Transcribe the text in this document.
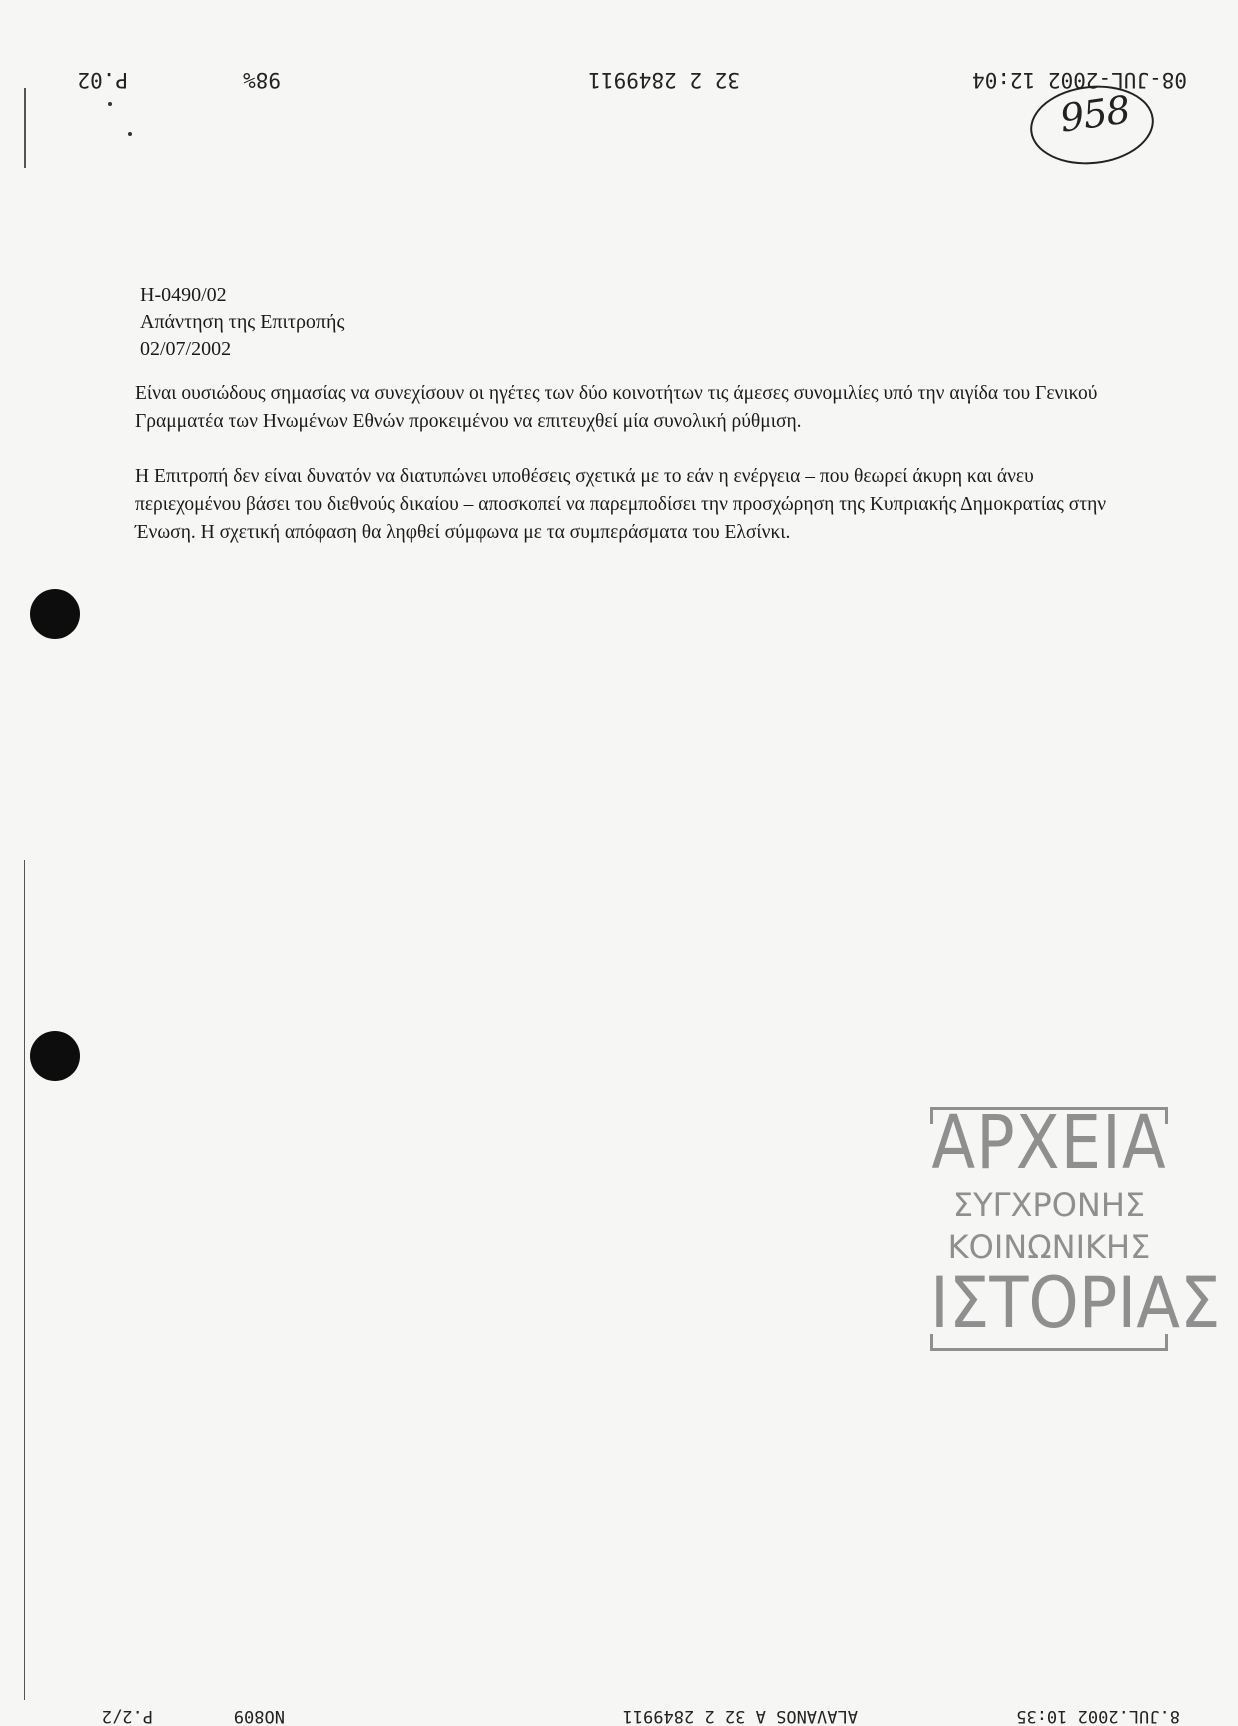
08-JUL-2002 12:04
32 2 2849911
98%
P.02
958
H-0490/02
Απάντηση της Επιτροπής
02/07/2002

Είναι ουσιώδους σημασίας να συνεχίσουν οι ηγέτες των δύο κοινοτήτων τις άμεσες συνομιλίες υπό την αιγίδα του Γενικού Γραμματέα των Ηνωμένων Εθνών προκειμένου να επιτευχθεί μία συνολική ρύθμιση.

Η Επιτροπή δεν είναι δυνατόν να διατυπώνει υποθέσεις σχετικά με το εάν η ενέργεια – που θεωρεί άκυρη και άνευ περιεχομένου βάσει του διεθνούς δικαίου – αποσκοπεί να παρεμποδίσει την προσχώρηση της Κυπριακής Δημοκρατίας στην Ένωση. Η σχετική απόφαση θα ληφθεί σύμφωνα με τα συμπεράσματα του Ελσίνκι.

ΑΡΧΕΙΑ
ΣΥΓΧΡΟΝΗΣ
ΚΟΙΝΩΝΙΚΗΣ
ΙΣΤΟΡΙΑΣ
8.JUL.2002 10:35
ALAVANOS A 32 2 2849911
NO809
P.2/2
